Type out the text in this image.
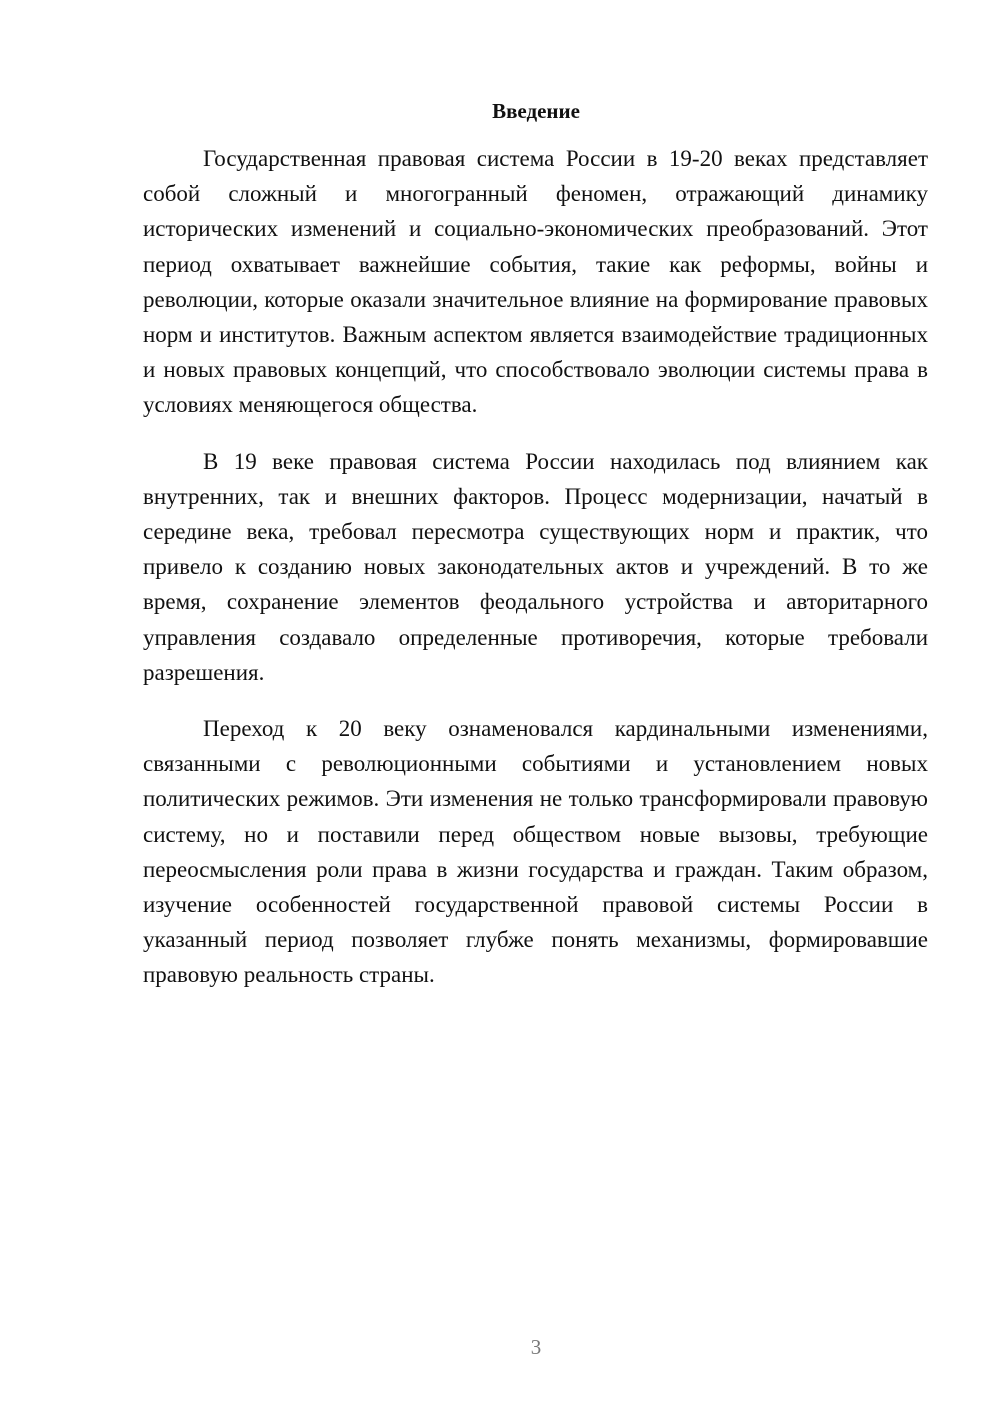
Введение

Государственная правовая система России в 19-20 веках представляет собой сложный и многогранный феномен, отражающий динамику исторических изменений и социально-экономических преобразований. Этот период охватывает важнейшие события, такие как реформы, войны и революции, которые оказали значительное влияние на формирование правовых норм и институтов. Важным аспектом является взаимодействие традиционных и новых правовых концепций, что способствовало эволюции системы права в условиях меняющегося общества.

В 19 веке правовая система России находилась под влиянием как внутренних, так и внешних факторов. Процесс модернизации, начатый в середине века, требовал пересмотра существующих норм и практик, что привело к созданию новых законодательных актов и учреждений. В то же время, сохранение элементов феодального устройства и авторитарного управления создавало определенные противоречия, которые требовали разрешения.

Переход к 20 веку ознаменовался кардинальными изменениями, связанными с революционными событиями и установлением новых политических режимов. Эти изменения не только трансформировали правовую систему, но и поставили перед обществом новые вызовы, требующие переосмысления роли права в жизни государства и граждан. Таким образом, изучение особенностей государственной правовой системы России в указанный период позволяет глубже понять механизмы, формировавшие правовую реальность страны.

3
